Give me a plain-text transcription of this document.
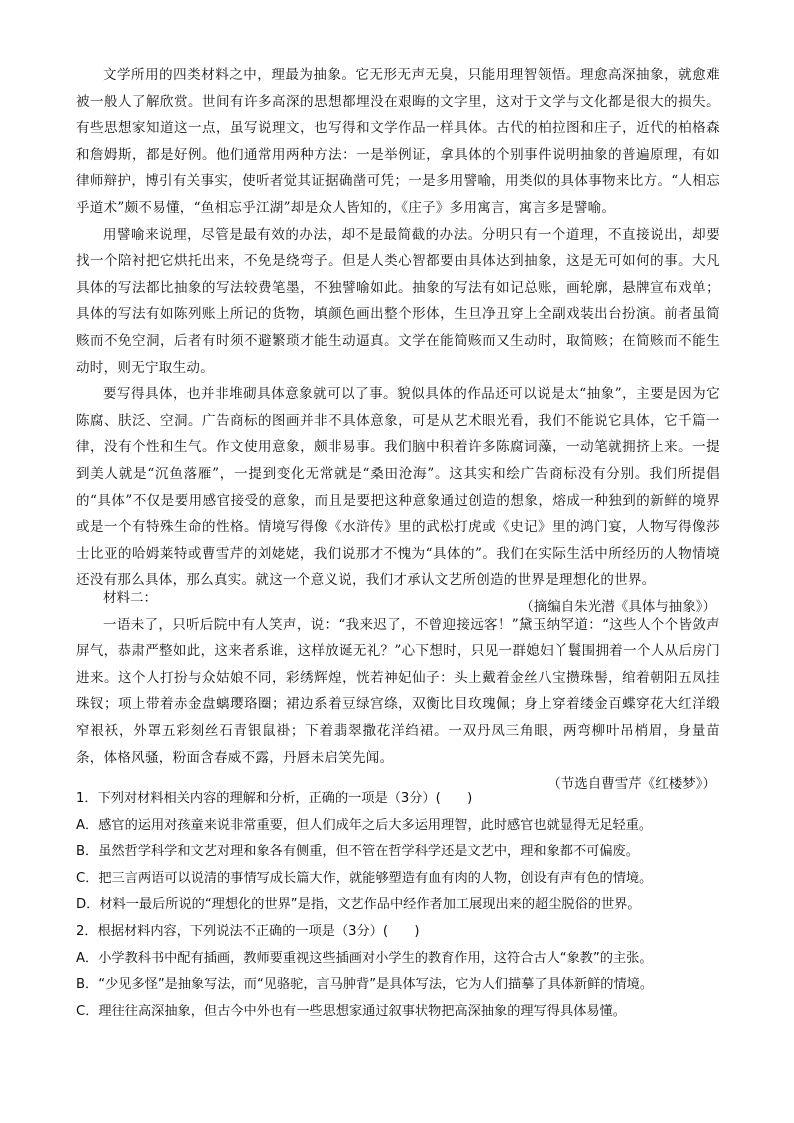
文学所用的四类材料之中，理最为抽象。它无形无声无臭，只能用理智领悟。理愈高深抽象，就愈难被一般人了解欣赏。世间有许多高深的思想都埋没在艰晦的文字里，这对于文学与文化都是很大的损失。有些思想家知道这一点，虽写说理文，也写得和文学作品一样具体。古代的柏拉图和庄子，近代的柏格森和詹姆斯，都是好例。他们通常用两种方法：一是举例证，拿具体的个别事件说明抽象的普遍原理，有如律师辩护，博引有关事实，使听者觉其证据确凿可凭；一是多用譬喻，用类似的具体事物来比方。“人相忘乎道术”颇不易懂，“鱼相忘乎江湖”却是众人皆知的，《庄子》多用寓言，寓言多是譬喻。

用譬喻来说理，尽管是最有效的办法，却不是最简截的办法。分明只有一个道理，不直接说出，却要找一个陪衬把它烘托出来，不免是绕弯子。但是人类心智都要由具体达到抽象，这是无可如何的事。大凡具体的写法都比抽象的写法较费笔墨，不独譬喻如此。抽象的写法有如记总账，画轮廓，悬牌宣布戏单；具体的写法有如陈列账上所记的货物，填颜色画出整个形体，生旦净丑穿上全副戏装出台扮演。前者虽简赅而不免空洞，后者有时须不避繁琐才能生动逼真。文学在能简赅而又生动时，取简赅；在简赅而不能生动时，则无宁取生动。

要写得具体，也并非堆砌具体意象就可以了事。貌似具体的作品还可以说是太“抽象”，主要是因为它陈腐、肤泛、空洞。广告商标的图画并非不具体意象，可是从艺术眼光看，我们不能说它具体，它千篇一律，没有个性和生气。作文使用意象，颇非易事。我们脑中积着许多陈腐词藻，一动笔就拥挤上来。一提到美人就是“沉鱼落雁”，一提到变化无常就是“桑田沧海”。这其实和绘广告商标没有分别。我们所提倡的“具体”不仅是要用感官接受的意象，而且是要把这种意象通过创造的想象，熔成一种独到的新鲜的境界或是一个有特殊生命的性格。情境写得像《水浒传》里的武松打虎或《史记》里的鸿门宴，人物写得像莎士比亚的哈姆莱特或曹雪芹的刘姥姥，我们说那才不愧为“具体的”。我们在实际生活中所经历的人物情境还没有那么具体，那么真实。就这一个意义说，我们才承认文艺所创造的世界是理想化的世界。

（摘编自朱光潜《具体与抽象》）

材料二：

一语未了，只听后院中有人笑声，说：“我来迟了，不曾迎接远客！”黛玉纳罕道：“这些人个个皆敛声屏气，恭肃严整如此，这来者系谁，这样放诞无礼？”心下想时，只见一群媳妇丫鬟围拥着一个人从后房门进来。这个人打扮与众姑娘不同，彩绣辉煌，恍若神妃仙子：头上戴着金丝八宝攒珠髻，绾着朝阳五凤挂珠钗；项上带着赤金盘螭璎珞圈；裙边系着豆绿宫绦，双衡比目玫瑰佩；身上穿着缕金百蝶穿花大红洋缎窄裉袄，外罩五彩刻丝石青银鼠褂；下着翡翠撒花洋绉裙。一双丹凤三角眼，两弯柳叶吊梢眉，身量苗条，体格风骚，粉面含春威不露，丹唇未启笑先闻。

（节选自曹雪芹《红楼梦》）

1．下列对材料相关内容的理解和分析，正确的一项是（3分）(　　)

A．感官的运用对孩童来说非常重要，但人们成年之后大多运用理智，此时感官也就显得无足轻重。

B．虽然哲学科学和文艺对理和象各有侧重，但不管在哲学科学还是文艺中，理和象都不可偏废。

C．把三言两语可以说清的事情写成长篇大作，就能够塑造有血有肉的人物，创设有声有色的情境。

D．材料一最后所说的“理想化的世界”是指，文艺作品中经作者加工展现出来的超尘脱俗的世界。

2．根据材料内容，下列说法不正确的一项是（3分）(　　)

A．小学教科书中配有插画，教师要重视这些插画对小学生的教育作用，这符合古人“象教”的主张。

B．“少见多怪”是抽象写法，而“见骆驼，言马肿背”是具体写法，它为人们描摹了具体新鲜的情境。

C．理往往高深抽象，但古今中外也有一些思想家通过叙事状物把高深抽象的理写得具体易懂。
